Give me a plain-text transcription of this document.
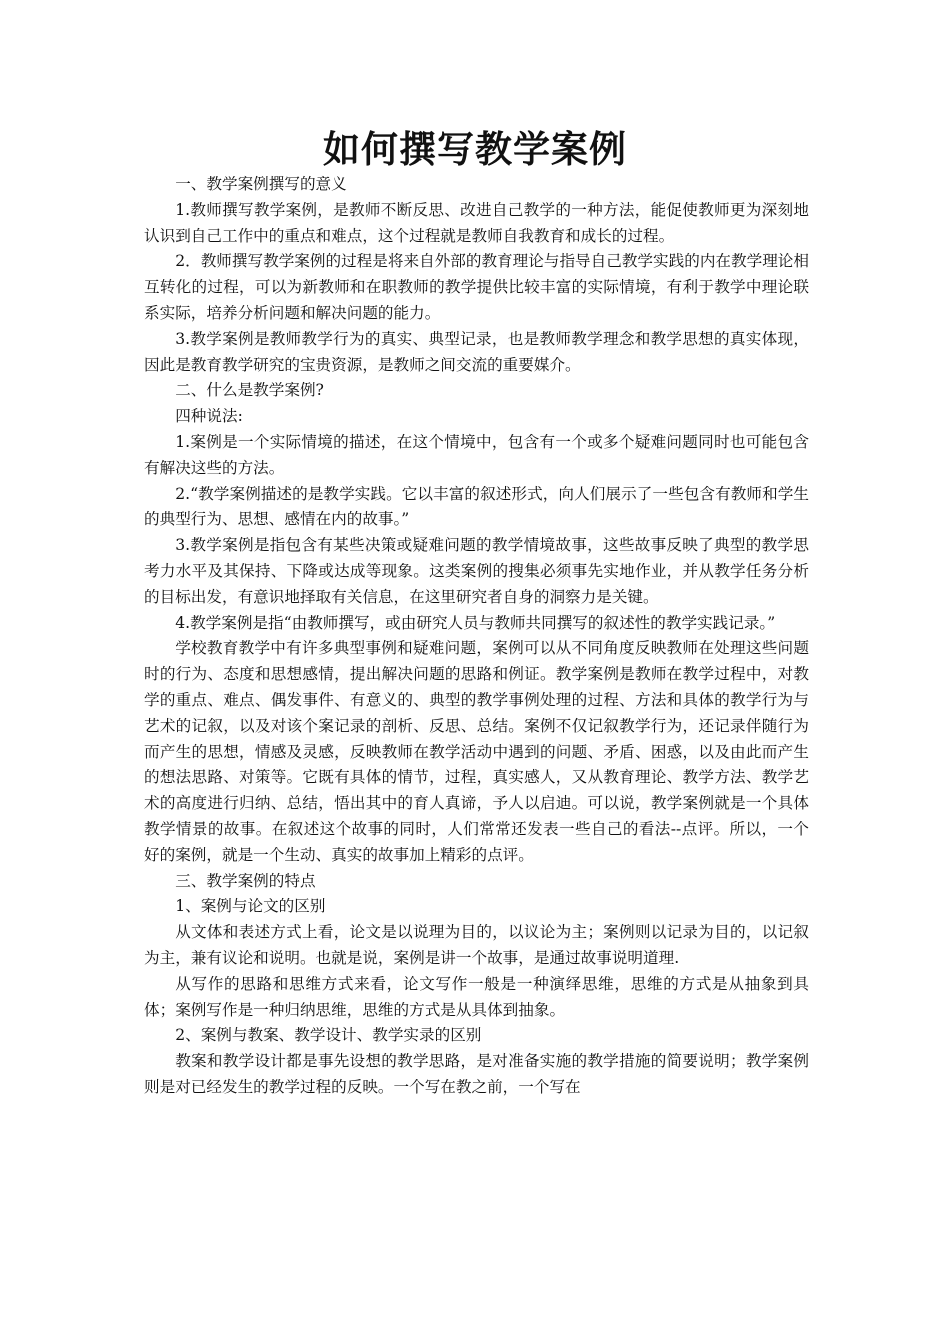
如何撰写教学案例

一、教学案例撰写的意义

1.教师撰写教学案例，是教师不断反思、改进自己教学的一种方法，能促使教师更为深刻地认识到自己工作中的重点和难点，这个过程就是教师自我教育和成长的过程。

2．教师撰写教学案例的过程是将来自外部的教育理论与指导自己教学实践的内在教学理论相互转化的过程，可以为新教师和在职教师的教学提供比较丰富的实际情境，有利于教学中理论联系实际，培养分析问题和解决问题的能力。

3.教学案例是教师教学行为的真实、典型记录，也是教师教学理念和教学思想的真实体现，因此是教育教学研究的宝贵资源，是教师之间交流的重要媒介。

二、什么是教学案例?

四种说法:

1.案例是一个实际情境的描述，在这个情境中，包含有一个或多个疑难问题同时也可能包含有解决这些的方法。

2.“教学案例描述的是教学实践。它以丰富的叙述形式，向人们展示了一些包含有教师和学生的典型行为、思想、感情在内的故事。”

3.教学案例是指包含有某些决策或疑难问题的教学情境故事，这些故事反映了典型的教学思考力水平及其保持、下降或达成等现象。这类案例的搜集必须事先实地作业，并从教学任务分析的目标出发，有意识地择取有关信息，在这里研究者自身的洞察力是关键。

4.教学案例是指“由教师撰写，或由研究人员与教师共同撰写的叙述性的教学实践记录。”

学校教育教学中有许多典型事例和疑难问题，案例可以从不同角度反映教师在处理这些问题时的行为、态度和思想感情，提出解决问题的思路和例证。教学案例是教师在教学过程中，对教学的重点、难点、偶发事件、有意义的、典型的教学事例处理的过程、方法和具体的教学行为与艺术的记叙，以及对该个案记录的剖析、反思、总结。案例不仅记叙教学行为，还记录伴随行为而产生的思想，情感及灵感，反映教师在教学活动中遇到的问题、矛盾、困惑，以及由此而产生的想法思路、对策等。它既有具体的情节，过程，真实感人，又从教育理论、教学方法、教学艺术的高度进行归纳、总结，悟出其中的育人真谛，予人以启迪。可以说，教学案例就是一个具体教学情景的故事。在叙述这个故事的同时，人们常常还发表一些自己的看法--点评。所以，一个好的案例，就是一个生动、真实的故事加上精彩的点评。

三、教学案例的特点

1、案例与论文的区别

从文体和表述方式上看，论文是以说理为目的，以议论为主；案例则以记录为目的，以记叙为主，兼有议论和说明。也就是说，案例是讲一个故事，是通过故事说明道理.

从写作的思路和思维方式来看，论文写作一般是一种演绎思维，思维的方式是从抽象到具体；案例写作是一种归纳思维，思维的方式是从具体到抽象。

2、案例与教案、教学设计、教学实录的区别

教案和教学设计都是事先设想的教学思路，是对准备实施的教学措施的简要说明；教学案例则是对已经发生的教学过程的反映。一个写在教之前，一个写在
